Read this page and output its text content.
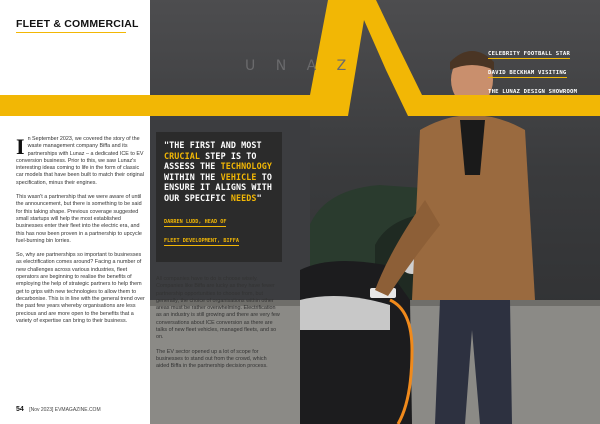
U N A Z
FLEET & COMMERCIAL
CELEBRITY FOOTBALL STAR
DAVID BECKHAM VISITING
THE LUNAZ DESIGN SHOWROOM

In September 2023, we covered the story of the waste management company Biffa and its partnerships with Lunaz – a dedicated ICE to EV conversion business. Prior to this, we saw Lunaz's interesting ideas coming to life in the form of classic car models that have been built to match their original specification, minus their engines.

This wasn't a partnership that we were aware of until the announcement, but there is something to be said for this taking shape. Previous coverage suggested small startups will help the most established businesses enter their fleet into the electric era, and this has now been proven in a partnership to upcycle fuel-burning bin lorries.

So, why are partnerships so important to businesses as electrification comes around? Facing a number of new challenges across various industries, fleet operators are beginning to realise the benefits of employing the help of strategic partners to help them get to grips with new technologies to allow them to decarbonise. This is in line with the general trend over the past few years whereby organisations are less precious and are more open to the benefits that a variety of expertise can bring to their business.

"THE FIRST AND MOST CRUCIAL STEP IS TO ASSESS THE TECHNOLOGY WITHIN THE VEHICLE TO ENSURE IT ALIGNS WITH OUR SPECIFIC NEEDS"
DARREN LUDD, HEAD OF
FLEET DEVELOPMENT, BIFFA

All companies have to do is choose wisely. Companies like Biffa are lucky as they have fewer partnership opportunities to choose from, but generally, the choice of organisations within other areas must be rather overwhelming. Electrification as an industry is still growing and there are very few conversations about ICE conversion as there are talks of new fleet vehicles, managed fleets, and so on.

The EV sector opened up a lot of scope for businesses to stand out from the crowd, which aided Biffa in the partnership decision process.

54 [Nov 2023] EVMAGAZINE.COM
